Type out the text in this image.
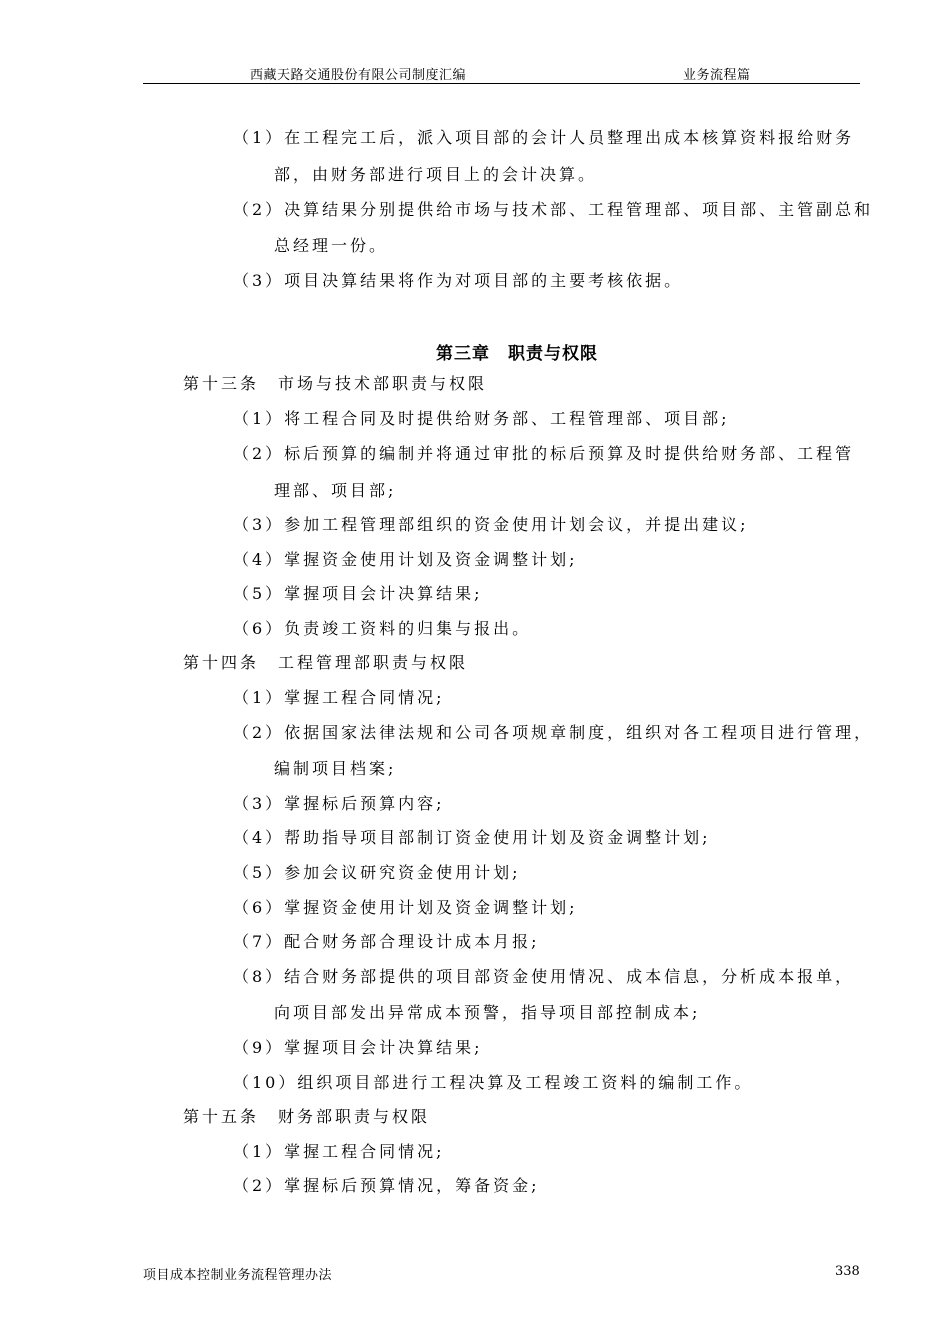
西藏天路交通股份有限公司制度汇编	业务流程篇
（1）在工程完工后，派入项目部的会计人员整理出成本核算资料报给财务
部，由财务部进行项目上的会计决算。
（2）决算结果分别提供给市场与技术部、工程管理部、项目部、主管副总和
总经理一份。
（3）项目决算结果将作为对项目部的主要考核依据。
第三章　职责与权限
第十三条　市场与技术部职责与权限
（1）将工程合同及时提供给财务部、工程管理部、项目部;
（2）标后预算的编制并将通过审批的标后预算及时提供给财务部、工程管
理部、项目部;
（3）参加工程管理部组织的资金使用计划会议，并提出建议;
（4）掌握资金使用计划及资金调整计划;
（5）掌握项目会计决算结果;
（6）负责竣工资料的归集与报出。
第十四条　工程管理部职责与权限
（1）掌握工程合同情况;
（2）依据国家法律法规和公司各项规章制度，组织对各工程项目进行管理，
编制项目档案;
（3）掌握标后预算内容;
（4）帮助指导项目部制订资金使用计划及资金调整计划;
（5）参加会议研究资金使用计划;
（6）掌握资金使用计划及资金调整计划;
（7）配合财务部合理设计成本月报;
（8）结合财务部提供的项目部资金使用情况、成本信息，分析成本报单，
向项目部发出异常成本预警，指导项目部控制成本;
（9）掌握项目会计决算结果;
（10）组织项目部进行工程决算及工程竣工资料的编制工作。
第十五条　财务部职责与权限
（1）掌握工程合同情况;
（2）掌握标后预算情况，筹备资金;
项目成本控制业务流程管理办法	338
